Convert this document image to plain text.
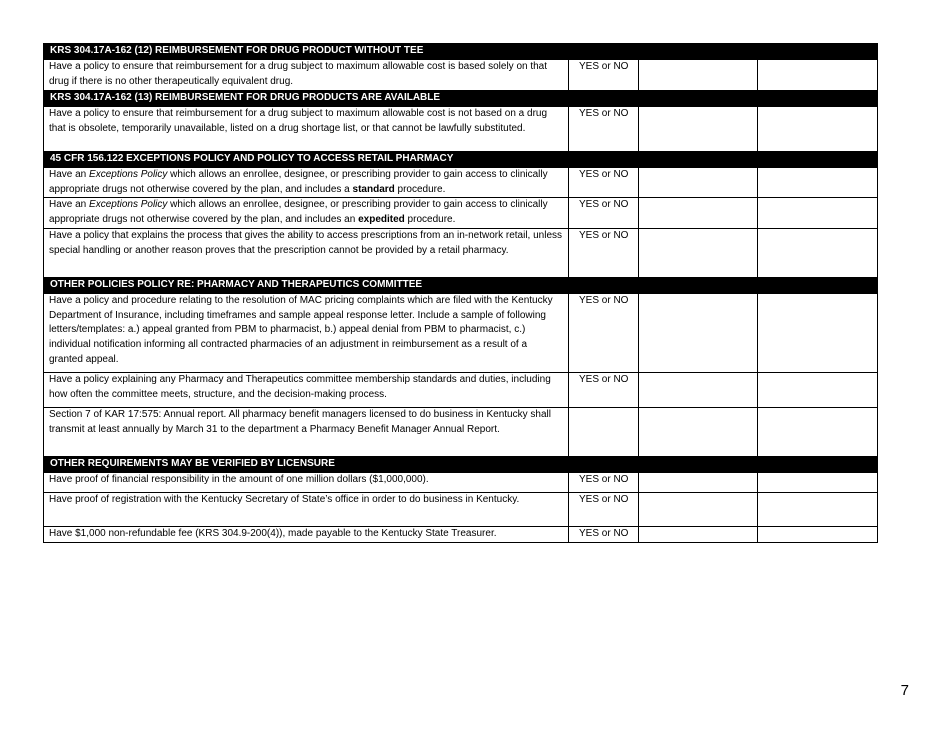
KRS 304.17A-162 (12) REIMBURSEMENT FOR DRUG PRODUCT WITHOUT TEE			
Have a policy to ensure that reimbursement for a drug subject to maximum allowable cost is based solely on that drug if there is no other therapeutically equivalent drug.	YES or NO		
KRS 304.17A-162 (13) REIMBURSEMENT FOR DRUG PRODUCTS ARE AVAILABLE			
Have a policy to ensure that reimbursement for a drug subject to maximum allowable cost is not based on a drug that is obsolete, temporarily unavailable, listed on a drug shortage list, or that cannot be lawfully substituted.	YES or NO		
45 CFR 156.122 EXCEPTIONS POLICY AND POLICY TO ACCESS RETAIL PHARMACY			
Have an Exceptions Policy which allows an enrollee, designee, or prescribing provider to gain access to clinically appropriate drugs not otherwise covered by the plan, and includes a standard procedure.	YES or NO		
Have an Exceptions Policy which allows an enrollee, designee, or prescribing provider to gain access to clinically appropriate drugs not otherwise covered by the plan, and includes an expedited procedure.	YES or NO		
Have a policy that explains the process that gives the ability to access prescriptions from an in-network retail, unless special handling or another reason proves that the prescription cannot be provided by a retail pharmacy.	YES or NO		
OTHER POLICIES POLICY RE: PHARMACY AND THERAPEUTICS COMMITTEE			
Have a policy and procedure relating to the resolution of MAC pricing complaints which are filed with the Kentucky Department of Insurance, including timeframes and sample appeal response letter. Include a sample of following letters/templates: a.) appeal granted from PBM to pharmacist, b.) appeal denial from PBM to pharmacist, c.) individual notification informing all contracted pharmacies of an adjustment in reimbursement as a result of a granted appeal.	YES or NO		
Have a policy explaining any Pharmacy and Therapeutics committee membership standards and duties, including how often the committee meets, structure, and the decision-making process.	YES or NO		
Section 7 of KAR 17:575: Annual report. All pharmacy benefit managers licensed to do business in Kentucky shall transmit at least annually by March 31 to the department a Pharmacy Benefit Manager Annual Report.			
OTHER REQUIREMENTS MAY BE VERIFIED BY LICENSURE			
Have proof of financial responsibility in the amount of one million dollars ($1,000,000).	YES or NO		
Have proof of registration with the Kentucky Secretary of State’s office in order to do business in Kentucky.	YES or NO		
Have $1,000 non-refundable fee (KRS 304.9-200(4)), made payable to the Kentucky State Treasurer.	YES or NO		
7
